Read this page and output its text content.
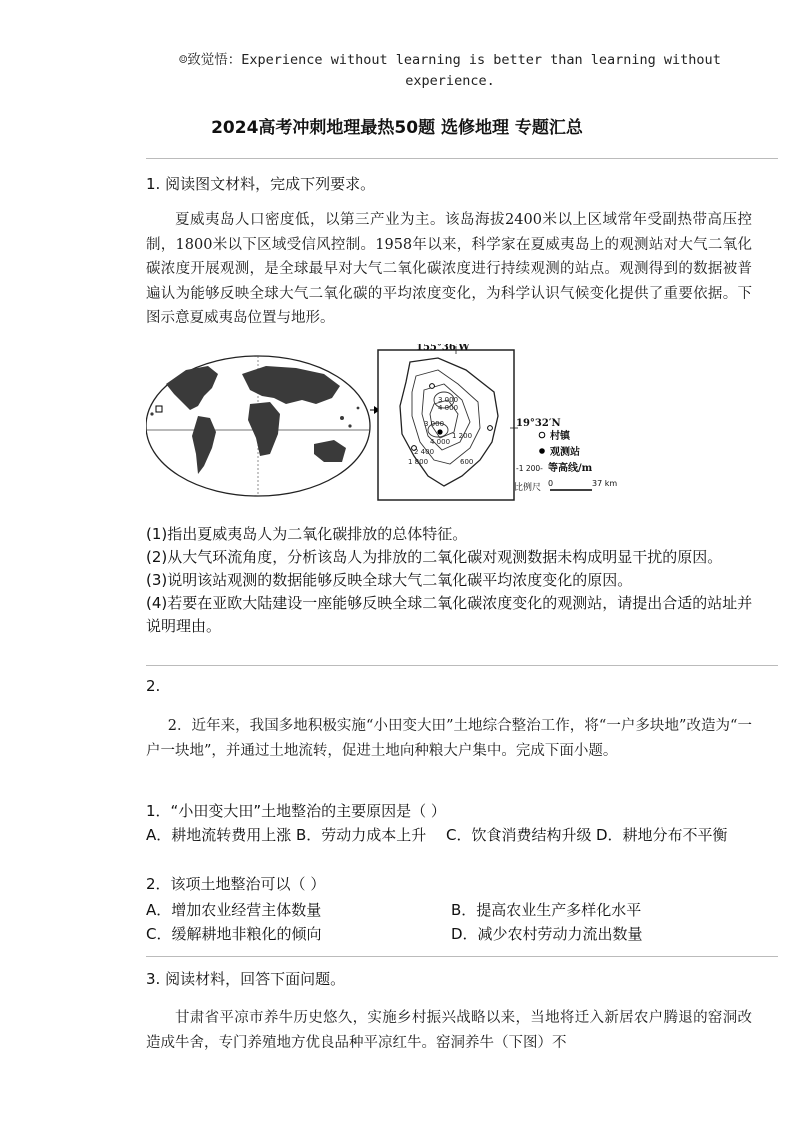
☺致觉悟：Experience without learning is better than learning without experience.
2024高考冲刺地理最热50题 选修地理 专题汇总
1. 阅读图文材料，完成下列要求。
夏威夷岛人口密度低，以第三产业为主。该岛海拔2400米以上区域常年受副热带高压控制，1800米以下区域受信风控制。1958年以来，科学家在夏威夷岛上的观测站对大气二氧化碳浓度开展观测，是全球最早对大气二氧化碳浓度进行持续观测的站点。观测得到的数据被普遍认为能够反映全球大气二氧化碳的平均浓度变化，为科学认识气候变化提供了重要依据。下图示意夏威夷岛位置与地形。
155°36′W
19°32′N
600
1 200
1 800
2 400
3 000
3 000
4 000
4 000	村镇
观测站
-1 200- 等高线/m
比例尺 0	37 km
(1)指出夏威夷岛人为二氧化碳排放的总体特征。
(2)从大气环流角度，分析该岛人为排放的二氧化碳对观测数据未构成明显干扰的原因。
(3)说明该站观测的数据能够反映全球大气二氧化碳平均浓度变化的原因。
(4)若要在亚欧大陆建设一座能够反映全球二氧化碳浓度变化的观测站，请提出合适的站址并说明理由。
2.
2．近年来，我国多地积极实施“小田变大田”土地综合整治工作，将“一户多块地”改造为“一户一块地”，并通过土地流转，促进土地向种粮大户集中。完成下面小题。
1．“小田变大田”土地整治的主要原因是（ ）
A．耕地流转费用上涨 B．劳动力成本上升	C．饮食消费结构升级 D．耕地分布不平衡
2．该项土地整治可以（ ）
A．增加农业经营主体数量	B．提高农业生产多样化水平
C．缓解耕地非粮化的倾向	D．减少农村劳动力流出数量
3. 阅读材料，回答下面问题。
甘肃省平凉市养牛历史悠久，实施乡村振兴战略以来，当地将迁入新居农户腾退的窑洞改造成牛舍，专门养殖地方优良品种平凉红牛。窑洞养牛（下图）不
